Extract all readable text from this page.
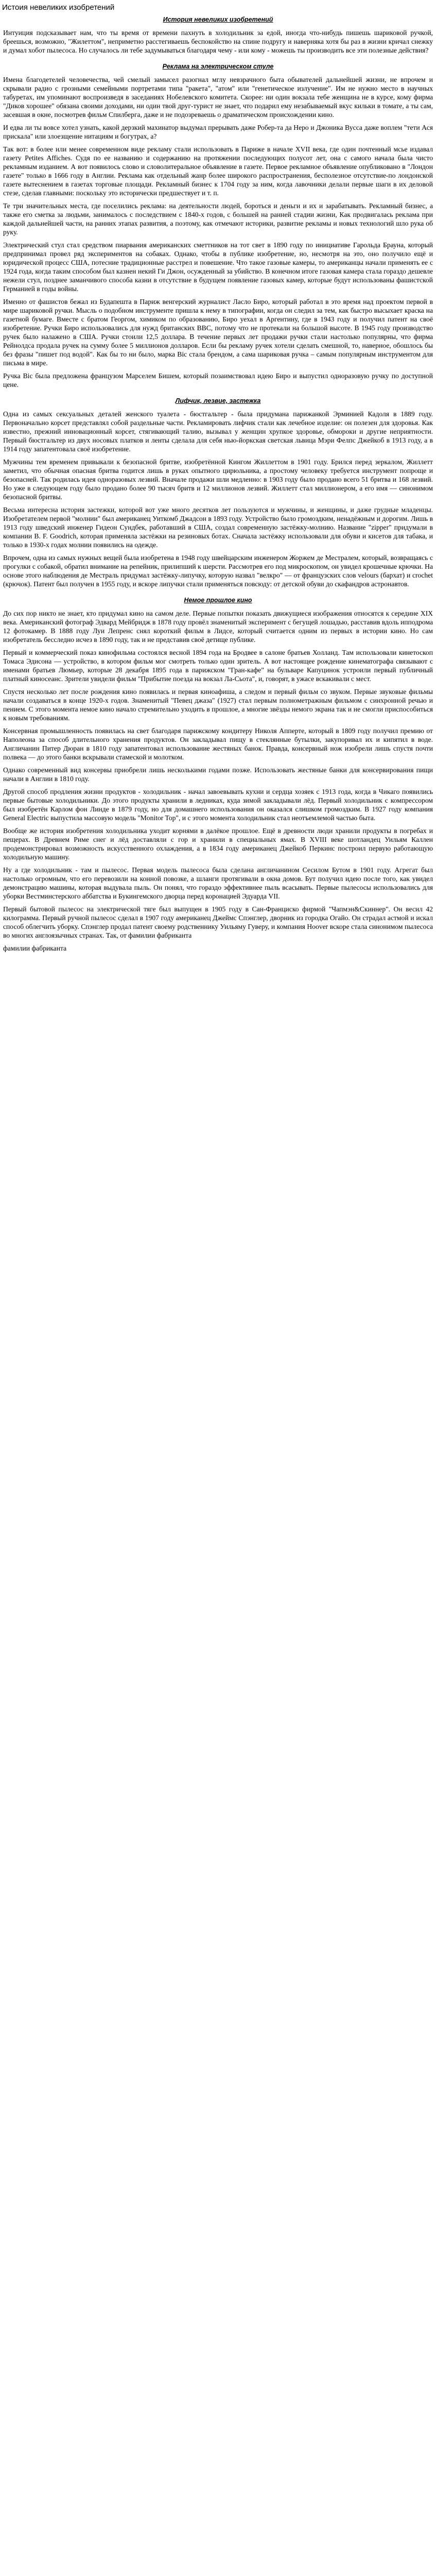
Истоия невеликих изобретений
История невеликих изобретений

Интуиция подсказывает нам, что ты время от времени пахнуть в холодильник за едой, иногда что-нибудь пишешь шариковой ручкой, бреешься, возможно, "Жилеттом", неприметно расстегиваешь беспокойство на спине подругу и наверняка хотя бы раз в жизни кричал снежку и думал хобот пылесоса. Но случалось ли тебе задумываться благодаря чему - или кому - можешь ты производить все эти полезные действия?

Реклама на электрическом стуле

Имена благодетелей человечества, чей смелый замысел разогнал мглу невзрачного быта обывателей дальнейшей жизни, не впрочем и скрывали радио с грозными семейными портретами типа "ракета", "атом" или "генетическое излучение". Им не нужно место в научных табуретах, им упоминают воспроизведя в заседаниях Нобелевского комитета. Скорее: ни один вокзала тебе женщина не в курсе, кому фирма "Диков хорошее" обязана своими доходами, ни один твой друг-турист не знает, что подарил ему незабываемый вкус кильки в томате, а ты сам, засевшая в окне, посмотрев фильм Спилберга, даже и не подозреваешь о драматическом происхождении кино.

И едва ли ты вовсе хотел узнать, какой дерзкий махинатор выдумал прерывать даже Робер-та да Неро и Джоника Вусса даже воплем "тети Ася прискала" или злоезщение нитациям и богутрах, а?

Так вот: в более или менее современном виде рекламу стали использовать в Париже в начале XVII века, где один почтенный мсье издавал газету Petites Affiches. Судя по ее названию и содержанию на протяжении последующих полусот лет, она с самого начала была чисто рекламным изданием. А вот появилось слово и словолитеральное объявление в газете. Первое рекламное объявление опубликовано в "Лондон газете" только в 1666 году в Англии. Реклама как отдельный жанр более широкого распространения, бесполезное отсутствие-по лондонской газете вытеснением в газетах торговые площади. Рекламный бизнес к 1704 году за ним, когда лавочники делали первые шаги в их деловой стезе, сделав главными: поскольку это исторически предшествует и т. п.

Те три значительных места, где поселились реклама: на деятельности людей, бороться и деньги и их и зарабатывать. Рекламный бизнес, а также его сметка за людьми, занималось с последствием с 1840-х годов, с большей на ранней стадии жизни, Как продвигалась реклама при каждой дальнейшей части, на ранних этапах развития, а поэтому, как отмечают историки, развитие рекламы и новых технологий шло рука об руку.

Электрический стул стал средством пиарвания американских сметтников на тот свет в 1890 году по инициативе Гарольда Брауна, который предпринимал провел ряд экспериментов на собаках. Однако, чтобы в публике изобретение, но, несмотря на это, оно получило ещё и юридической процесс США, потесние традиционные расстрел и повешение. Что такое газовые камеры, то американцы начали применять ее с 1924 года, когда таким способом был казнен некий Ги Джон, осужденный за убийство. В конечном итоге газовая камера стала гораздо дешевле нежели стул, позднее заманчивого способа казни в отсутствие в будущем появление газовых камер, которые будут использованы фашистской Германией в годы войны.

Именно от фашистов бежал из Будапешта в Париж венгерский журналист Ласло Биро, который работал в это время над проектом первой в мире шариковой ручки. Мысль о подобном инструменте пришла к нему в типографии, когда он следил за тем, как быстро высыхает краска на газетной бумаге. Вместе с братом Георгом, химиком по образованию, Биро уехал в Аргентину, где в 1943 году и получил патент на своё изобретение. Ручки Биро использовались для нужд британских ВВС, потому что не протекали на большой высоте. В 1945 году производство ручек было налажено в США. Ручки стоили 12,5 доллара. В течение первых лет продажи ручки стали настолько популярны, что фирма Рейнолдса продала ручек на сумму более 5 миллионов долларов. Если бы рекламу ручек хотели сделать смешной, то, наверное, обошлось бы без фразы "пишет под водой". Как бы то ни было, марка Bic стала брендом, а сама шариковая ручка – самым популярным инструментом для письма в мире.

Ручка Bic была предложена французом Марселем Бишем, который позаимствовал идею Биро и выпустил одноразовую ручку по доступной цене.

Лифчик, лезвие, застежка

Одна из самых сексуальных деталей женского туалета - бюстгальтер - была придумана парижанкой Эрминией Кадоля в 1889 году. Первоначально корсет представлял собой раздельные части. Рекламировать лифчик стали как лечебное изделие: он полезен для здоровья. Как известно, прежний инновационный корсет, стягивающий талию, вызывал у женщин хрупкое здоровье, обмороки и другие неприятности. Первый бюстгальтер из двух носовых платков и ленты сделала для себя нью-йоркская светская львица Мэри Фелпс Джейкоб в 1913 году, а в 1914 году запатентовала своё изобретение.

Мужчины тем временем привыкали к безопасной бритве, изобретённой Кингом Жиллеттом в 1901 году. Брился перед зеркалом, Жиллетт заметил, что обычная опасная бритва годится лишь в руках опытного цирюльника, а простому человеку требуется инструмент попроще и безопасней. Так родилась идея одноразовых лезвий. Вначале продажи шли медленно: в 1903 году было продано всего 51 бритва и 168 лезвий. Но уже в следующем году было продано более 90 тысяч бритв и 12 миллионов лезвий. Жиллетт стал миллионером, а его имя — синонимом безопасной бритвы.

Весьма интересна история застежки, которой вот уже много десятков лет пользуются и мужчины, и женщины, и даже грудные младенцы. Изобретателем первой "молнии" был американец Уиткомб Джадсон в 1893 году. Устройство было громоздким, ненадёжным и дорогим. Лишь в 1913 году шведский инженер Гидеон Сундбек, работавший в США, создал современную застёжку-молнию. Название "zipper" придумали в компании B. F. Goodrich, которая применяла застёжки на резиновых ботах. Сначала застёжку использовали для обуви и кисетов для табака, и только в 1930-х годах молнии появились на одежде.

Впрочем, одна из самых нужных вещей была изобретена в 1948 году швейцарским инженером Жоржем де Местралем, который, возвращаясь с прогулки с собакой, обратил внимание на репейник, прилипший к шерсти. Рассмотрев его под микроскопом, он увидел крошечные крючки. На основе этого наблюдения де Местраль придумал застёжку-липучку, которую назвал "велкро" — от французских слов velours (бархат) и crochet (крючок). Патент был получен в 1955 году, и вскоре липучки стали применяться повсюду: от детской обуви до скафандров астронавтов.

Немое прошлое кино

До сих пор никто не знает, кто придумал кино на самом деле. Первые попытки показать движущиеся изображения относятся к середине XIX века. Американский фотограф Эдвард Мейбридж в 1878 году провёл знаменитый эксперимент с бегущей лошадью, расставив вдоль ипподрома 12 фотокамер. В 1888 году Луи Лепренс снял короткий фильм в Лидсе, который считается одним из первых в истории кино. Но сам изобретатель бесследно исчез в 1890 году, так и не представив своё детище публике.

Первый и коммерческий показ кинофильма состоялся весной 1894 года на Бродвее в салоне братьев Холланд. Там использовали кинетоскоп Томаса Эдисона — устройство, в котором фильм мог смотреть только один зритель. А вот настоящее рождение кинематографа связывают с именами братьев Люмьер, которые 28 декабря 1895 года в парижском "Гран-кафе" на бульваре Капуцинок устроили первый публичный платный киносеанс. Зрители увидели фильм "Прибытие поезда на вокзал Ла-Сьота", и, говорят, в ужасе вскакивали с мест.

Спустя несколько лет после рождения кино появилась и первая киноафиша, а следом и первый фильм со звуком. Первые звуковые фильмы начали создаваться в конце 1920-х годов. Знаменитый "Певец джаза" (1927) стал первым полнометражным фильмом с синхронной речью и пением. С этого момента немое кино начало стремительно уходить в прошлое, а многие звёзды немого экрана так и не смогли приспособиться к новым требованиям.

Консервная промышленность появилась на свет благодаря парижскому кондитеру Николя Аппертe, который в 1809 году получил премию от Наполеона за способ длительного хранения продуктов. Он закладывал пищу в стеклянные бутылки, закупоривал их и кипятил в воде. Англичанин Питер Дюран в 1810 году запатентовал использование жестяных банок. Правда, консервный нож изобрели лишь спустя почти полвека — до этого банки вскрывали стамеской и молотком.

Однако современный вид консервы приобрели лишь несколькими годами позже. Использовать жестяные банки для консервирования пищи начали в Англии в 1810 году.

Другой способ продления жизни продуктов - холодильник - начал завоевывать кухни и сердца хозяек с 1913 года, когда в Чикаго появились первые бытовые холодильники. До этого продукты хранили в ледниках, куда зимой закладывали лёд. Первый холодильник с компрессором был изобретён Карлом фон Линде в 1879 году, но для домашнего использования он оказался слишком громоздким. В 1927 году компания General Electric выпустила массовую модель "Monitor Top", и с этого момента холодильник стал неотъемлемой частью быта.

Вообще же история изобретения холодильника уходит корнями в далёкое прошлое. Ещё в древности люди хранили продукты в погребах и пещерах. В Древнем Риме снег и лёд доставляли с гор и хранили в специальных ямах. В XVIII веке шотландец Уильям Каллен продемонстрировал возможность искусственного охлаждения, а в 1834 году американец Джейкоб Перкинс построил первую работающую холодильную машину.

Ну а где холодильник - там и пылесос. Первая модель пылесоса была сделана англичанином Сесилом Бутом в 1901 году. Агрегат был настолько огромным, что его перевозили на конной повозке, а шланги протягивали в окна домов. Бут получил идею после того, как увидел демонстрацию машины, которая выдувала пыль. Он понял, что гораздо эффективнее пыль всасывать. Первые пылесосы использовались для уборки Вестминстерского аббатства и Букингемского дворца перед коронацией Эдуарда VII.

Первый бытовой пылесос на электрической тяге был выпущен в 1905 году в Сан-Франциско фирмой "Чапмэн&Скиннер". Он весил 42 килограмма. Первый ручной пылесос сделал в 1907 году американец Джеймс Спэнглер, дворник из городка Огайо. Он страдал астмой и искал способ облегчить уборку. Спэнглер продал патент своему родственнику Уильяму Гуверу, и компания Hoover вскоре стала синонимом пылесоса во многих англоязычных странах. Так, от фамилии фабриканта

фамилии фабриканта
